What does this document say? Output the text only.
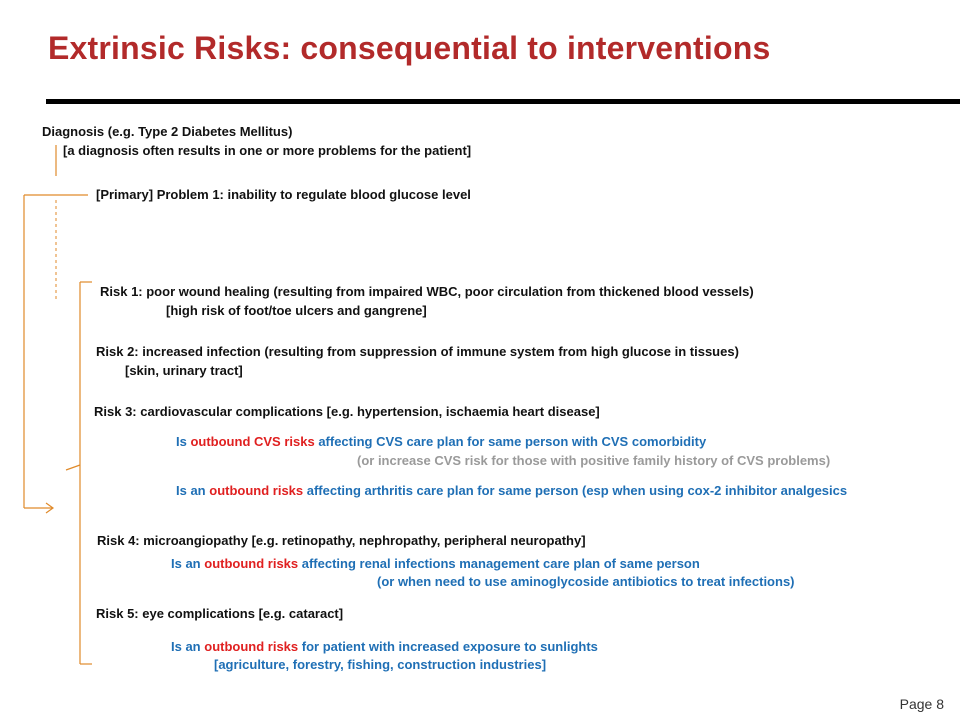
Extrinsic Risks: consequential to interventions
Diagnosis (e.g. Type 2 Diabetes Mellitus)
[a diagnosis often results in one or more problems for the patient]
[Primary] Problem 1: inability to regulate blood glucose level
Risk 1: poor wound healing (resulting from impaired WBC, poor circulation from thickened blood vessels)
[high risk of foot/toe ulcers and gangrene]
Risk 2: increased infection (resulting from suppression of immune system from high glucose in tissues)
[skin, urinary tract]
Risk 3: cardiovascular complications [e.g. hypertension, ischaemia heart disease]
Is outbound CVS risks affecting CVS care plan for same person with CVS comorbidity
(or increase CVS risk for those with positive family history of CVS problems)
Is an outbound risks affecting arthritis care plan for same person (esp when using cox-2 inhibitor analgesics
Risk 4: microangiopathy [e.g. retinopathy, nephropathy, peripheral neuropathy]
Is an outbound risks affecting renal infections management care plan of same person
(or when need to use aminoglycoside antibiotics to treat infections)
Risk 5: eye complications [e.g. cataract]
Is an outbound risks for patient with increased exposure to sunlights
[agriculture, forestry, fishing, construction industries]
Page 8
